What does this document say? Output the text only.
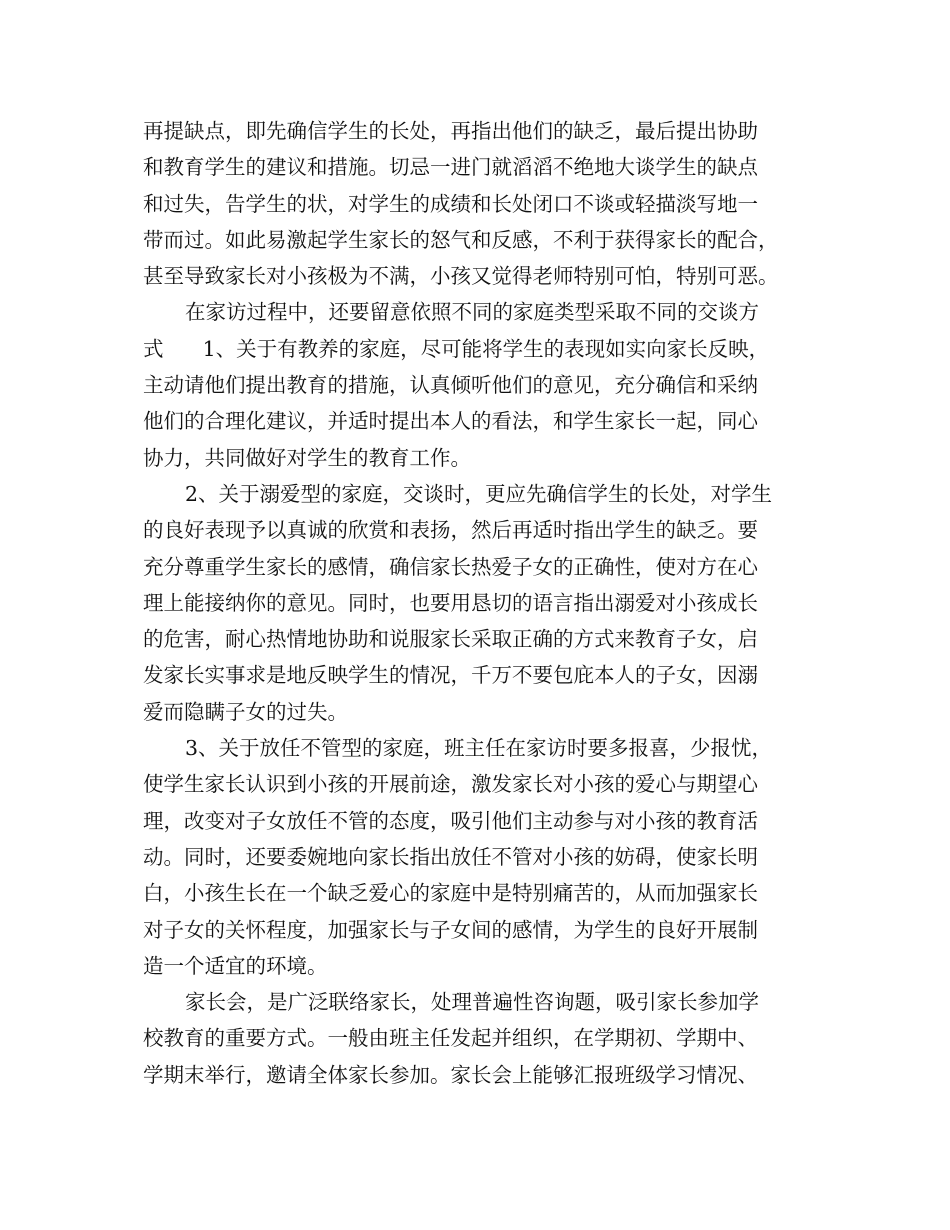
再提缺点，即先确信学生的长处，再指出他们的缺乏，最后提出协助
和教育学生的建议和措施。切忌一进门就滔滔不绝地大谈学生的缺点
和过失，告学生的状，对学生的成绩和长处闭口不谈或轻描淡写地一
带而过。如此易激起学生家长的怒气和反感，不利于获得家长的配合，
甚至导致家长对小孩极为不满，小孩又觉得老师特别可怕，特别可恶。
在家访过程中，还要留意依照不同的家庭类型采取不同的交谈方
式      1、关于有教养的家庭，尽可能将学生的表现如实向家长反映，
主动请他们提出教育的措施，认真倾听他们的意见，充分确信和采纳
他们的合理化建议，并适时提出本人的看法，和学生家长一起，同心
协力，共同做好对学生的教育工作。
2、关于溺爱型的家庭，交谈时，更应先确信学生的长处，对学生
的良好表现予以真诚的欣赏和表扬，然后再适时指出学生的缺乏。要
充分尊重学生家长的感情，确信家长热爱子女的正确性，使对方在心
理上能接纳你的意见。同时，也要用恳切的语言指出溺爱对小孩成长
的危害，耐心热情地协助和说服家长采取正确的方式来教育子女，启
发家长实事求是地反映学生的情况，千万不要包庇本人的子女，因溺
爱而隐瞒子女的过失。
3、关于放任不管型的家庭，班主任在家访时要多报喜，少报忧，
使学生家长认识到小孩的开展前途，激发家长对小孩的爱心与期望心
理，改变对子女放任不管的态度，吸引他们主动参与对小孩的教育活
动。同时，还要委婉地向家长指出放任不管对小孩的妨碍，使家长明
白，小孩生长在一个缺乏爱心的家庭中是特别痛苦的，从而加强家长
对子女的关怀程度，加强家长与子女间的感情，为学生的良好开展制
造一个适宜的环境。
家长会，是广泛联络家长，处理普遍性咨询题，吸引家长参加学
校教育的重要方式。一般由班主任发起并组织，在学期初、学期中、
学期末举行，邀请全体家长参加。家长会上能够汇报班级学习情况、
